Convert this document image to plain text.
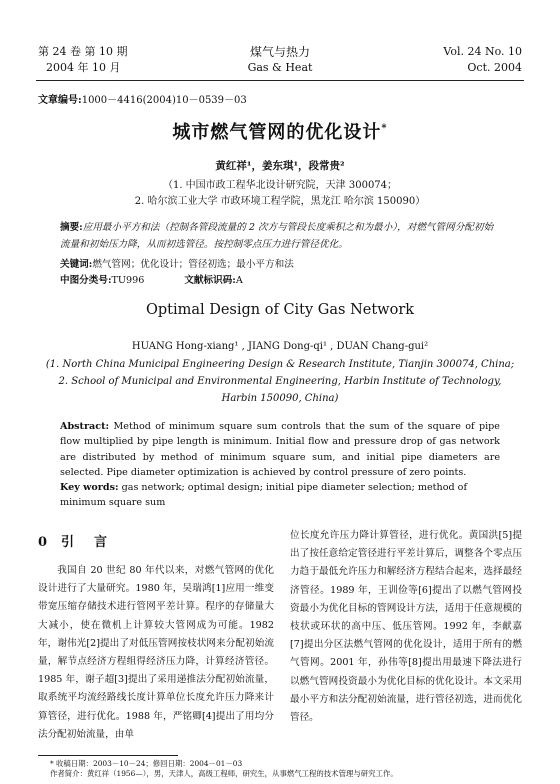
第 24 卷 第 10 期
2004 年 10 月
煤气与热力
Gas & Heat
Vol. 24 No. 10
Oct. 2004
文章编号:1000－4416(2004)10－0539－03
城市燃气管网的优化设计*
黄红祥¹，姜东琪¹，段常贵²
（1. 中国市政工程华北设计研究院，天津 300074；
2. 哈尔滨工业大学 市政环境工程学院，黑龙江 哈尔滨 150090）
摘要:应用最小平方和法（控制各管段流量的 2 次方与管段长度乘积之和为最小），对燃气管网分配初始流量和初始压力降，从而初选管径。按控制零点压力进行管径优化。
关键词:燃气管网；优化设计；管径初选；最小平方和法
中图分类号:TU996	文献标识码:A
Optimal Design of City Gas Network
HUANG Hong-xiang¹ , JIANG Dong-qi¹ , DUAN Chang-gui²
(1. North China Municipal Engineering Design & Research Institute, Tianjin 300074, China;
2. School of Municipal and Environmental Engineering, Harbin Institute of Technology,
Harbin 150090, China)
Abstract: Method of minimum square sum controls that the sum of the square of pipe flow multiplied by pipe length is minimum. Initial flow and pressure drop of gas network are distributed by method of minimum square sum, and initial pipe diameters are selected. Pipe diameter optimization is achieved by control pressure of zero points.
Key words: gas network; optimal design; initial pipe diameter selection; method of minimum square sum
0 引言

我国自 20 世纪 80 年代以来，对燃气管网的优化设计进行了大量研究。1980 年，吴瑞鸿[1]应用一维变带宽压缩存储技术进行管网平差计算。程序的存储量大大减小，使在微机上计算较大管网成为可能。1982 年，谢伟光[2]提出了对低压管网按枝状网来分配初始流量，解节点经济方程组得经济压力降，计算经济管径。1985 年，谢子超[3]提出了采用递推法分配初始流量，取系统平均流经路线长度计算单位长度允许压力降来计算管径，进行优化。1988 年，严铭卿[4]提出了用均分法分配初始流量，由单

位长度允许压力降计算管径，进行优化。黄国洪[5]提出了按任意给定管径进行平差计算后，调整各个零点压力趋于最低允许压力和解经济方程结合起来，选择最经济管径。1989 年，王训俭等[6]提出了以燃气管网投资最小为优化目标的管网设计方法，适用于任意规模的枝状或环状的高中压、低压管网。1992 年，李献嘉[7]提出分区法燃气管网的优化设计，适用于所有的燃气管网。2001 年，孙伟等[8]提出用最速下降法进行以燃气管网投资最小为优化目标的优化设计。本文采用最小平方和法分配初始流量，进行管径初选，进而优化管径。

* 收稿日期：2003－10－24；修回日期：2004－01－03
作者简介：黄红祥（1956—），男，天津人，高级工程师，研究生，从事燃气工程的技术管理与研究工作。
